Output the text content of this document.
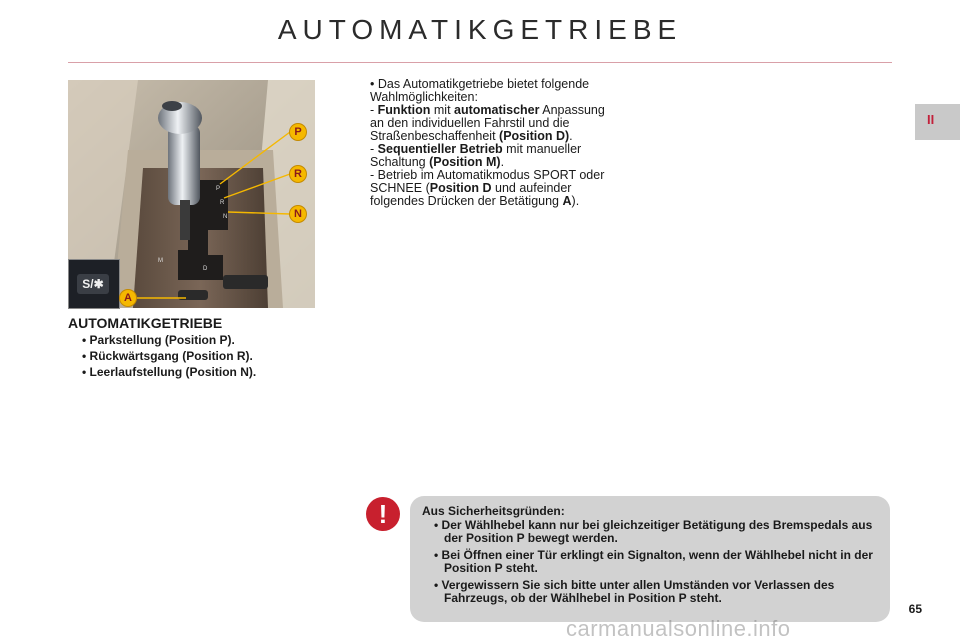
AUTOMATIKGETRIEBE
II
P
R
N
M
D
S/✱
P
R
N
A
AUTOMATIKGETRIEBE
• Parkstellung (Position P).
• Rückwärtsgang (Position R).
• Leerlaufstellung (Position N).

• Das Automatikgetriebe bietet folgende Wahlmöglichkeiten:

- Funktion mit automatischer Anpassung an den individuellen Fahrstil und die Straßenbeschaffenheit (Position D).

- Sequentieller Betrieb mit manueller Schaltung (Position M).

- Betrieb im Automatikmodus SPORT oder SCHNEE (Position D und aufeinder folgendes Drücken der Betätigung A).

!	Aus Sicherheitsgründen:
• Der Wählhebel kann nur bei gleichzeitiger Betätigung des Bremspedals aus der Position P bewegt werden.
• Bei Öffnen einer Tür erklingt ein Signalton, wenn der Wählhebel nicht in der Position P steht.
• Vergewissern Sie sich bitte unter allen Umständen vor Verlassen des Fahrzeugs, ob der Wählhebel in Position P steht.
65
carmanualsonline.info
